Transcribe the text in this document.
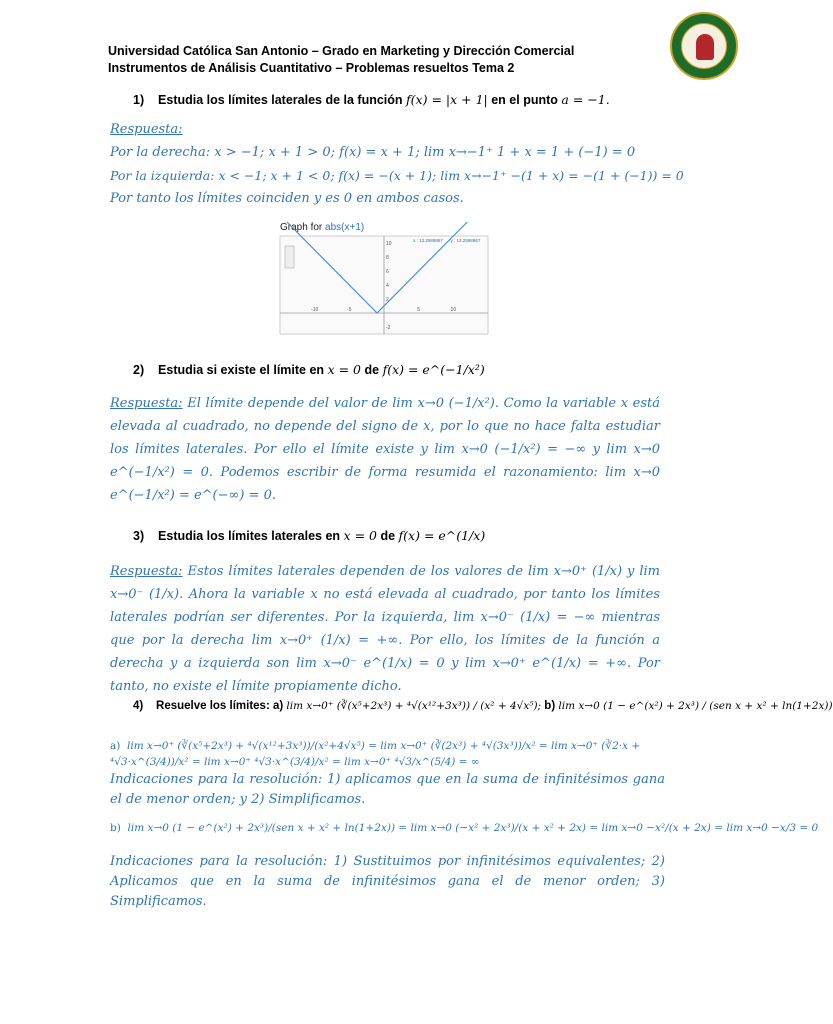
Universidad Católica San Antonio – Grado en Marketing y Dirección Comercial
Instrumentos de Análisis Cuantitativo – Problemas resueltos Tema 2
1) Estudia los límites laterales de la función f(x) = |x + 1| en el punto a = −1.
Respuesta:
Por la derecha: x > −1; x + 1 > 0; f(x) = x + 1; lim x→−1⁺ 1 + x = 1 + (−1) = 0
Por la izquierda: x < −1; x + 1 < 0; f(x) = −(x + 1); lim x→−1⁺ −(1 + x) = −(1 + (−1)) = 0
Por tanto los límites coinciden y es 0 en ambos casos.
Graph for abs(x+1)
-10	-5	5	10
10
8
6
4
2
-2
x : 13.2588867 y : 13.2588867
2) Estudia si existe el límite en x = 0 de f(x) = e^(−1/x²)
Respuesta: El límite depende del valor de lim x→0 (−1/x²). Como la variable x está elevada al cuadrado, no depende del signo de x, por lo que no hace falta estudiar los límites laterales. Por ello el límite existe y lim x→0 (−1/x²) = −∞ y lim x→0 e^(−1/x²) = 0. Podemos escribir de forma resumida el razonamiento: lim x→0 e^(−1/x²) = e^(−∞) = 0.
3) Estudia los límites laterales en x = 0 de f(x) = e^(1/x)
Respuesta: Estos límites laterales dependen de los valores de lim x→0⁺ (1/x) y lim x→0⁻ (1/x). Ahora la variable x no está elevada al cuadrado, por tanto los límites laterales podrían ser diferentes. Por la izquierda, lim x→0⁻ (1/x) = −∞ mientras que por la derecha lim x→0⁺ (1/x) = +∞. Por ello, los límites de la función a derecha y a izquierda son lim x→0⁻ e^(1/x) = 0 y lim x→0⁺ e^(1/x) = +∞. Por tanto, no existe el límite propiamente dicho.
4) Resuelve los límites: a) lim x→0⁺ (∛(x⁵+2x³) + ⁴√(x¹²+3x³)) / (x² + 4√x⁵); b) lim x→0 (1 − e^(x²) + 2x³) / (sen x + x² + ln(1+2x))
a) lim x→0⁺ (∛(x⁵+2x³) + ⁴√(x¹²+3x³))/(x²+4√x⁵) = lim x→0⁺ (∛(2x³) + ⁴√(3x³))/x² = lim x→0⁺ (∛2·x + ⁴√3·x^(3/4))/x² = lim x→0⁺ ⁴√3·x^(3/4)/x² = lim x→0⁺ ⁴√3/x^(5/4) = ∞
Indicaciones para la resolución: 1) aplicamos que en la suma de infinitésimos gana el de menor orden; y 2) Simplificamos.
b) lim x→0 (1 − e^(x²) + 2x³)/(sen x + x² + ln(1+2x)) = lim x→0 (−x² + 2x³)/(x + x² + 2x) = lim x→0 −x²/(x + 2x) = lim x→0 −x/3 = 0
Indicaciones para la resolución: 1) Sustituimos por infinitésimos equivalentes; 2) Aplicamos que en la suma de infinitésimos gana el de menor orden; 3) Simplificamos.
